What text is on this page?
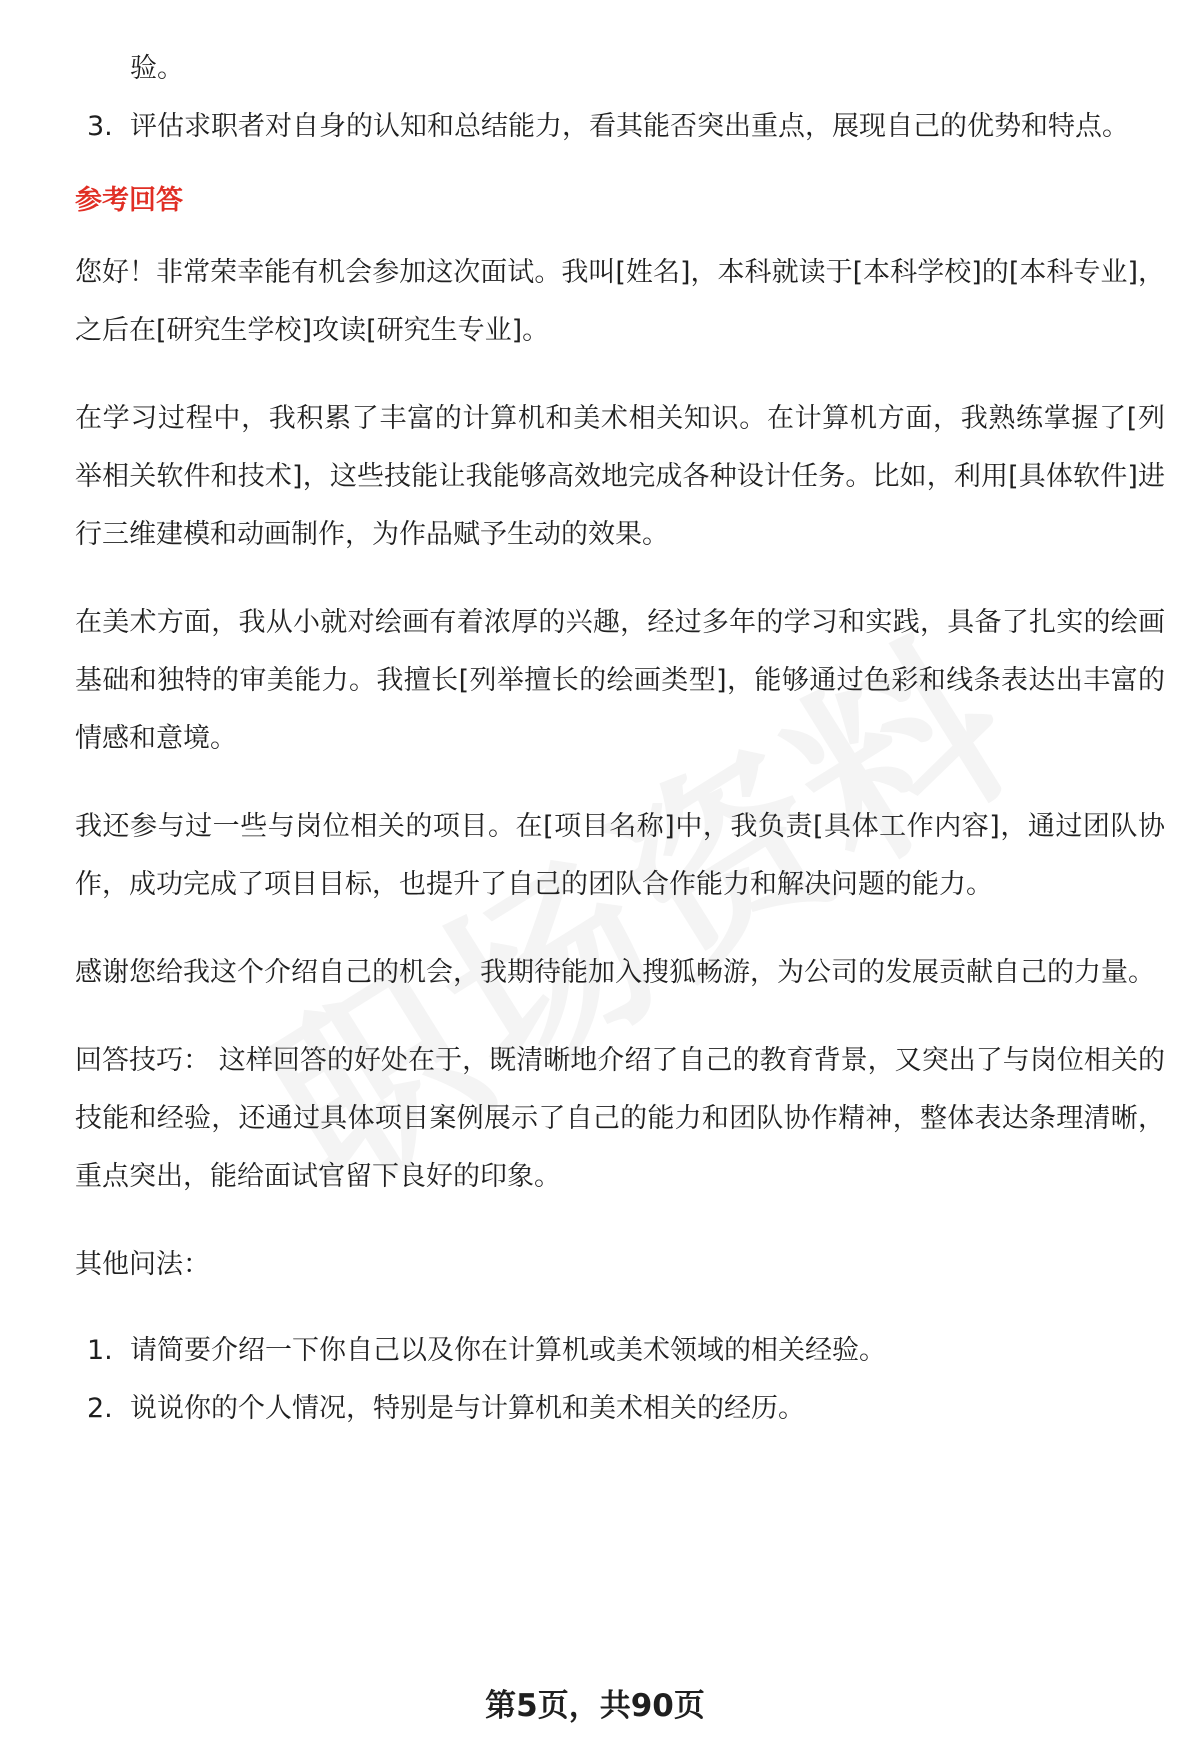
验。
3. 评估求职者对自身的认知和总结能力，看其能否突出重点，展现自己的优势和特点。
参考回答

您好！非常荣幸能有机会参加这次面试。我叫[姓名]，本科就读于[本科学校]的[本科专业]，之后在[研究生学校]攻读[研究生专业]。

在学习过程中，我积累了丰富的计算机和美术相关知识。在计算机方面，我熟练掌握了[列举相关软件和技术]，这些技能让我能够高效地完成各种设计任务。比如，利用[具体软件]进行三维建模和动画制作，为作品赋予生动的效果。

在美术方面，我从小就对绘画有着浓厚的兴趣，经过多年的学习和实践，具备了扎实的绘画基础和独特的审美能力。我擅长[列举擅长的绘画类型]，能够通过色彩和线条表达出丰富的情感和意境。

我还参与过一些与岗位相关的项目。在[项目名称]中，我负责[具体工作内容]，通过团队协作，成功完成了项目目标，也提升了自己的团队合作能力和解决问题的能力。

感谢您给我这个介绍自己的机会，我期待能加入搜狐畅游，为公司的发展贡献自己的力量。

回答技巧： 这样回答的好处在于，既清晰地介绍了自己的教育背景，又突出了与岗位相关的技能和经验，还通过具体项目案例展示了自己的能力和团队协作精神，整体表达条理清晰，重点突出，能给面试官留下良好的印象。

其他问法：

1. 请简要介绍一下你自己以及你在计算机或美术领域的相关经验。
2. 说说你的个人情况，特别是与计算机和美术相关的经历。
第5页，共90页
